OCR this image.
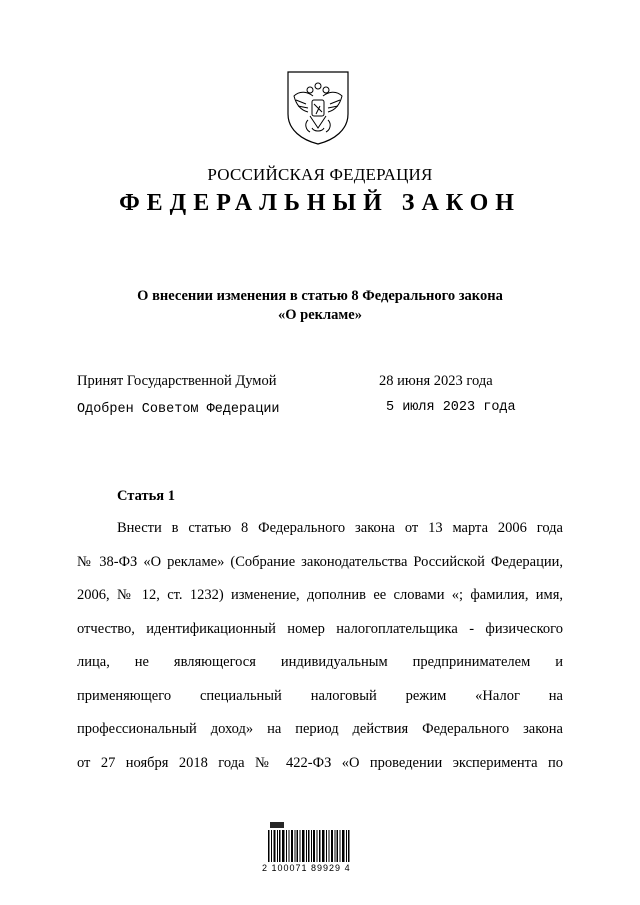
РОССИЙСКАЯ ФЕДЕРАЦИЯ
ФЕДЕРАЛЬНЫЙ ЗАКОН
О внесении изменения в статью 8 Федерального закона
«О рекламе»
Принят Государственной Думой	28 июня 2023 года
Одобрен Советом Федерации	5 июля 2023 года
Статья 1
Внести в статью 8 Федерального закона от 13 марта 2006 года
№ 38-ФЗ «О рекламе» (Собрание законодательства Российской Федерации,
2006, № 12, ст. 1232) изменение, дополнив ее словами «; фамилия, имя,
отчество, идентификационный номер налогоплательщика - физического
лица, не являющегося индивидуальным предпринимателем и
применяющего специальный налоговый режим «Налог на
профессиональный доход» на период действия Федерального закона
от 27 ноября 2018 года № 422-ФЗ «О проведении эксперимента по
2 100071 89929 4
